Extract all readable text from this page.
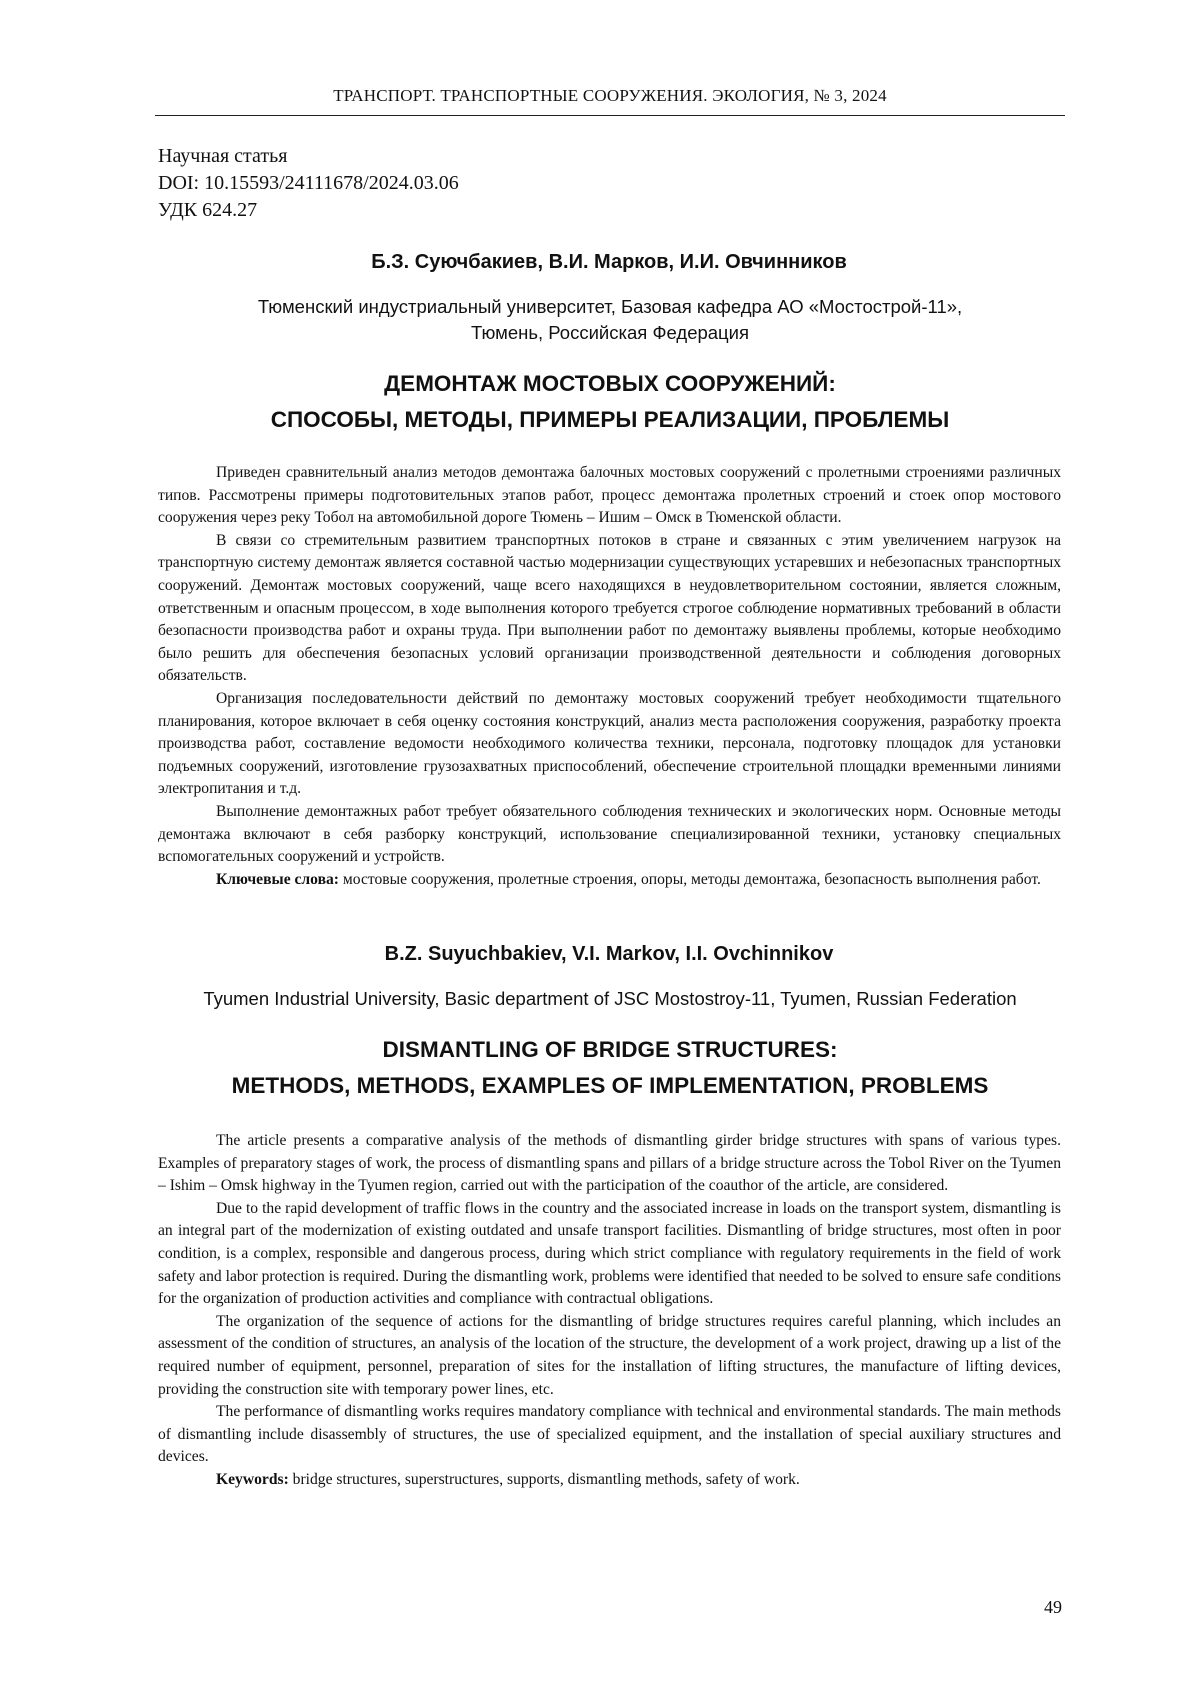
ТРАНСПОРТ. ТРАНСПОРТНЫЕ СООРУЖЕНИЯ. ЭКОЛОГИЯ, № 3, 2024
Научная статья
DOI: 10.15593/24111678/2024.03.06
УДК 624.27
Б.З. Суючбакиев, В.И. Марков, И.И. Овчинников
Тюменский индустриальный университет, Базовая кафедра АО «Мостострой-11»,
Тюмень, Российская Федерация
ДЕМОНТАЖ МОСТОВЫХ СООРУЖЕНИЙ:
СПОСОБЫ, МЕТОДЫ, ПРИМЕРЫ РЕАЛИЗАЦИИ, ПРОБЛЕМЫ

Приведен сравнительный анализ методов демонтажа балочных мостовых сооружений с пролетными строениями различных типов. Рассмотрены примеры подготовительных этапов работ, процесс демонтажа пролетных строений и стоек опор мостового сооружения через реку Тобол на автомобильной дороге Тюмень – Ишим – Омск в Тюменской области.

В связи со стремительным развитием транспортных потоков в стране и связанных с этим увеличением нагрузок на транспортную систему демонтаж является составной частью модернизации существующих устаревших и небезопасных транспортных сооружений. Демонтаж мостовых сооружений, чаще всего находящихся в неудовлетворительном состоянии, является сложным, ответственным и опасным процессом, в ходе выполнения которого требуется строгое соблюдение нормативных требований в области безопасности производства работ и охраны труда. При выполнении работ по демонтажу выявлены проблемы, которые необходимо было решить для обеспечения безопасных условий организации производственной деятельности и соблюдения договорных обязательств.

Организация последовательности действий по демонтажу мостовых сооружений требует необходимости тщательного планирования, которое включает в себя оценку состояния конструкций, анализ места расположения сооружения, разработку проекта производства работ, составление ведомости необходимого количества техники, персонала, подготовку площадок для установки подъемных сооружений, изготовление грузозахватных приспособлений, обеспечение строительной площадки временными линиями электропитания и т.д.

Выполнение демонтажных работ требует обязательного соблюдения технических и экологических норм. Основные методы демонтажа включают в себя разборку конструкций, использование специализированной техники, установку специальных вспомогательных сооружений и устройств.

Ключевые слова: мостовые сооружения, пролетные строения, опоры, методы демонтажа, безопасность выполнения работ.

B.Z. Suyuchbakiev, V.I. Markov, I.I. Ovchinnikov
Tyumen Industrial University, Basic department of JSC Mostostroy-11, Tyumen, Russian Federation
DISMANTLING OF BRIDGE STRUCTURES:
METHODS, METHODS, EXAMPLES OF IMPLEMENTATION, PROBLEMS

The article presents a comparative analysis of the methods of dismantling girder bridge structures with spans of various types. Examples of preparatory stages of work, the process of dismantling spans and pillars of a bridge structure across the Tobol River on the Tyumen – Ishim – Omsk highway in the Tyumen region, carried out with the participation of the coauthor of the article, are considered.

Due to the rapid development of traffic flows in the country and the associated increase in loads on the transport system, dismantling is an integral part of the modernization of existing outdated and unsafe transport facilities. Dismantling of bridge structures, most often in poor condition, is a complex, responsible and dangerous process, during which strict compliance with regulatory requirements in the field of work safety and labor protection is required. During the dismantling work, problems were identified that needed to be solved to ensure safe conditions for the organization of production activities and compliance with contractual obligations.

The organization of the sequence of actions for the dismantling of bridge structures requires careful planning, which includes an assessment of the condition of structures, an analysis of the location of the structure, the development of a work project, drawing up a list of the required number of equipment, personnel, preparation of sites for the installation of lifting structures, the manufacture of lifting devices, providing the construction site with temporary power lines, etc.

The performance of dismantling works requires mandatory compliance with technical and environmental standards. The main methods of dismantling include disassembly of structures, the use of specialized equipment, and the installation of special auxiliary structures and devices.

Keywords: bridge structures, superstructures, supports, dismantling methods, safety of work.

49
